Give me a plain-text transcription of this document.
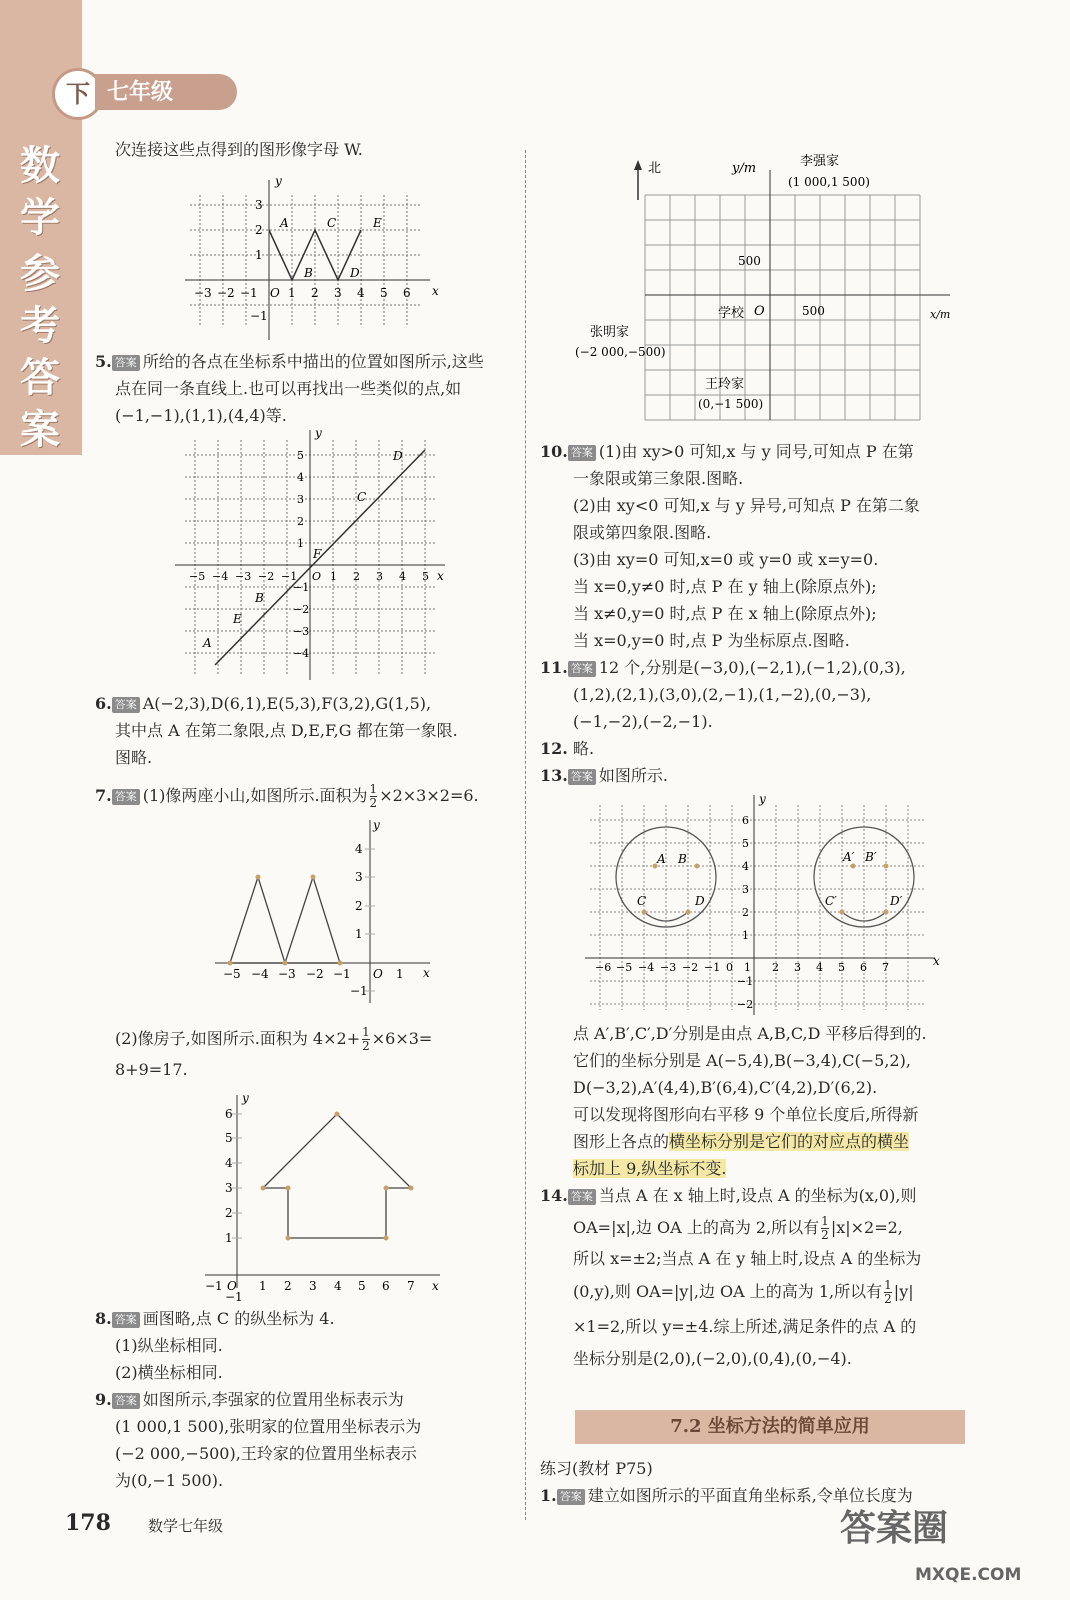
下 七年级
数
学
参
考
答
案
次连接这些点得到的图形像字母 W.
A
B
C
D
E
y
x
−3 −2 −1 O 1 2 3 4 5 6
3
2
1
−1
5. 答案 所给的各点在坐标系中描出的位置如图所示,这些
点在同一条直线上.也可以再找出一些类似的点,如
(−1,−1),(1,1),(4,4)等.
A
E
B
F
C
D
y
x
−5 −4 −3 −2 −1 O 1 2 3 4 5
5
4
3
2
1
−1
−2
−3
−4
6. 答案 A(−2,3),D(6,1),E(5,3),F(3,2),G(1,5),
其中点 A 在第二象限,点 D,E,F,G 都在第一象限.
图略.
7. 答案 (1)像两座小山,如图所示.面积为 $\frac{1}{2} \times 2\times 3\times 2=6$.
−5 −4 −3 −2 −1 O 1
4
3
2
1
−1
y
x
(2)像房子,如图所示.面积为 $4\times 2+ \frac{1}{2} \times 6\times 3=$
8+9=17.
−1 O 1 2 3 4 5 6 7
6
5
4
3
2
1
−1
y
x
8. 答案 画图略,点 C 的纵坐标为 4.
(1)纵坐标相同.
(2)横坐标相同.
9. 答案 如图所示,李强家的位置用坐标表示为
(1 000,1 500),张明家的位置用坐标表示为
(−2 000,−500),王玲家的位置用坐标表示
为(0,−1 500).
北	y/m
x/m
李强家
(1 000,1 500)
张明家
(−2 000,−500)
王玲家
(0,−1 500)
学校 O
500
500
10. 答案 (1)由 xy>0 可知,x 与 y 同号,可知点 P 在第
一象限或第三象限.图略.
(2)由 xy<0 可知,x 与 y 异号,可知点 P 在第二象
限或第四象限.图略.
(3)由 xy=0 可知,x=0 或 y=0 或 x=y=0.
当 x=0,y≠0 时,点 P 在 y 轴上(除原点外);
当 x≠0,y=0 时,点 P 在 x 轴上(除原点外);
当 x=0,y=0 时,点 P 为坐标原点.图略.
11. 答案 12 个,分别是(−3,0),(−2,1),(−1,2),(0,3),
(1,2),(2,1),(3,0),(2,−1),(1,−2),(0,−3),
(−1,−2),(−2,−1).
12. 略.
13. 答案 如图所示.
A B
C	D
A′ B′
C′	D′
y
x
−6 −5 −4 −3 −2 −1 0 1 2 3 4 5 6 7
6
5
4
3
2
1
−1
−2
点 A′,B′,C′,D′分别是由点 A,B,C,D 平移后得到的.
它们的坐标分别是 A(−5,4),B(−3,4),C(−5,2),
D(−3,2),A′(4,4),B′(6,4),C′(4,2),D′(6,2).
可以发现将图形向右平移 9 个单位长度后,所得新
图形上各点的横坐标分别是它们的对应点的横坐
标加上 9,纵坐标不变.
14. 答案 当点 A 在 x 轴上时,设点 A 的坐标为(x,0),则
OA=|x|,边 OA 上的高为 2,所以有 $\frac{1}{2} |x|\times 2=2$,
所以 x=±2;当点 A 在 y 轴上时,设点 A 的坐标为
(0,y),则 OA=|y|,边 OA 上的高为 1,所以有 $\frac{1}{2} |y|$
×1=2,所以 y=±4.综上所述,满足条件的点 A 的
坐标分别是(2,0),(−2,0),(0,4),(0,−4).
7.2 坐标方法的简单应用
练习(教材 P75)
1. 答案 建立如图所示的平面直角坐标系,令单位长度为
178 数学七年级	答案圈
MXQE.COM
